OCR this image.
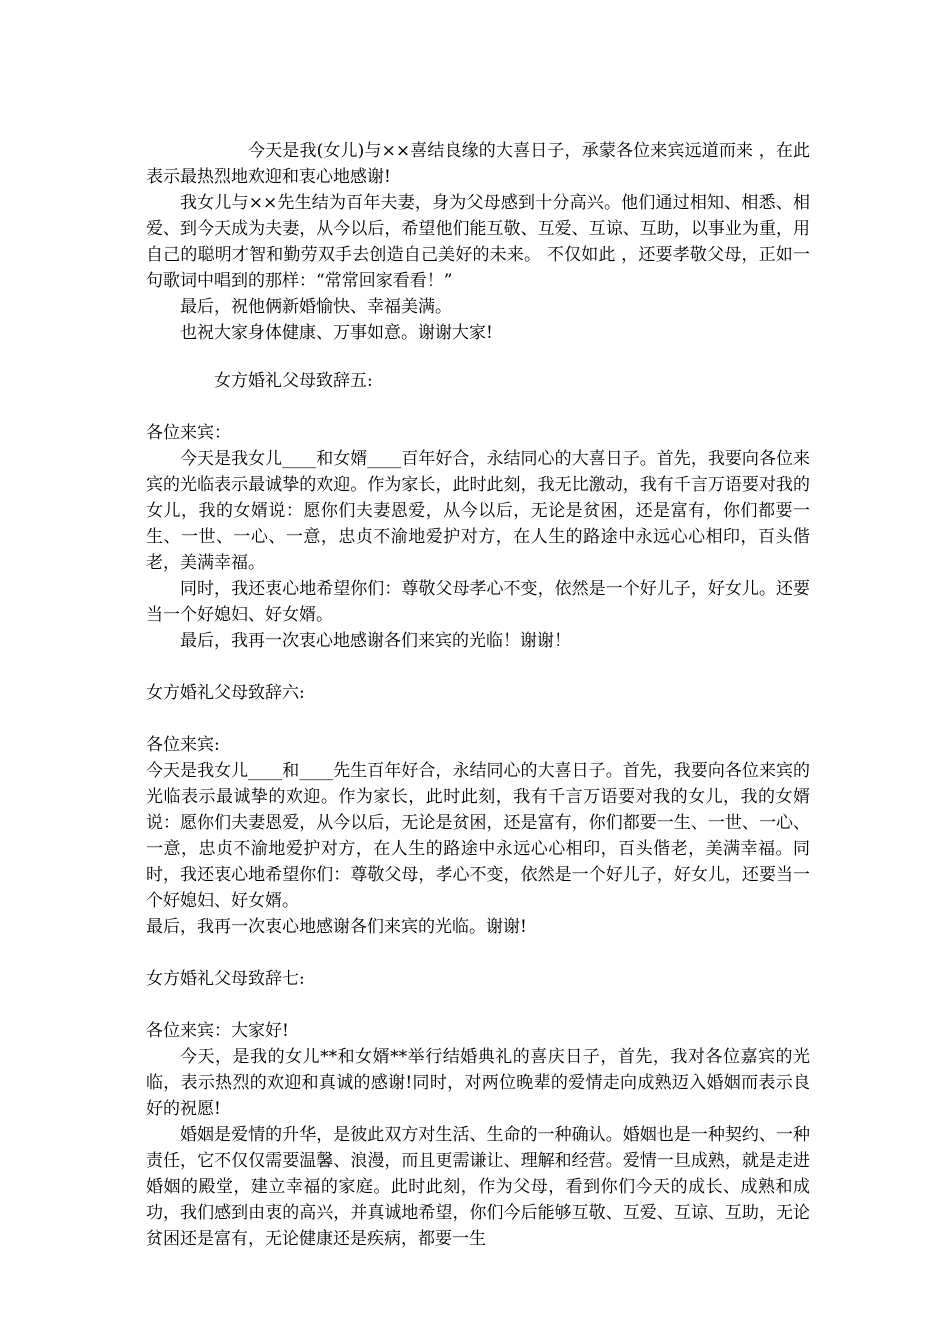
今天是我(女儿)与××喜结良缘的大喜日子，承蒙各位来宾远道而来 ，在此表示最热烈地欢迎和衷心地感谢!

我女儿与××先生结为百年夫妻，身为父母感到十分高兴。他们通过相知、相悉、相爱、到今天成为夫妻，从今以后，希望他们能互敬、互爱、互谅、互助，以事业为重，用自己的聪明才智和勤劳双手去创造自己美好的未来。 不仅如此 ，还要孝敬父母，正如一句歌词中唱到的那样：“常常回家看看！”

最后，祝他俩新婚愉快、幸福美满。

也祝大家身体健康、万事如意。谢谢大家!

女方婚礼父母致辞五:

各位来宾：

今天是我女儿____和女婿____百年好合，永结同心的大喜日子。首先，我要向各位来宾的光临表示最诚挚的欢迎。作为家长，此时此刻，我无比激动，我有千言万语要对我的女儿，我的女婿说：愿你们夫妻恩爱，从今以后，无论是贫困，还是富有，你们都要一生、一世、一心、一意，忠贞不渝地爱护对方，在人生的路途中永远心心相印，百头偕老，美满幸福。

同时，我还衷心地希望你们：尊敬父母孝心不变，依然是一个好儿子，好女儿。还要当一个好媳妇、好女婿。

最后，我再一次衷心地感谢各们来宾的光临！谢谢！

女方婚礼父母致辞六:

各位来宾:

今天是我女儿____和____先生百年好合，永结同心的大喜日子。首先，我要向各位来宾的光临表示最诚挚的欢迎。作为家长，此时此刻，我有千言万语要对我的女儿，我的女婿说：愿你们夫妻恩爱，从今以后，无论是贫困，还是富有，你们都要一生、一世、一心、一意，忠贞不渝地爱护对方，在人生的路途中永远心心相印，百头偕老，美满幸福。同时，我还衷心地希望你们：尊敬父母，孝心不变，依然是一个好儿子，好女儿，还要当一个好媳妇、好女婿。

最后，我再一次衷心地感谢各们来宾的光临。谢谢!

女方婚礼父母致辞七:

各位来宾：大家好!

今天，是我的女儿**和女婿**举行结婚典礼的喜庆日子，首先，我对各位嘉宾的光临，表示热烈的欢迎和真诚的感谢!同时，对两位晚辈的爱情走向成熟迈入婚姻而表示良好的祝愿!

婚姻是爱情的升华，是彼此双方对生活、生命的一种确认。婚姻也是一种契约、一种责任，它不仅仅需要温馨、浪漫，而且更需谦让、理解和经营。爱情一旦成熟，就是走进婚姻的殿堂，建立幸福的家庭。此时此刻，作为父母，看到你们今天的成长、成熟和成功，我们感到由衷的高兴，并真诚地希望，你们今后能够互敬、互爱、互谅、互助，无论贫困还是富有，无论健康还是疾病，都要一生
